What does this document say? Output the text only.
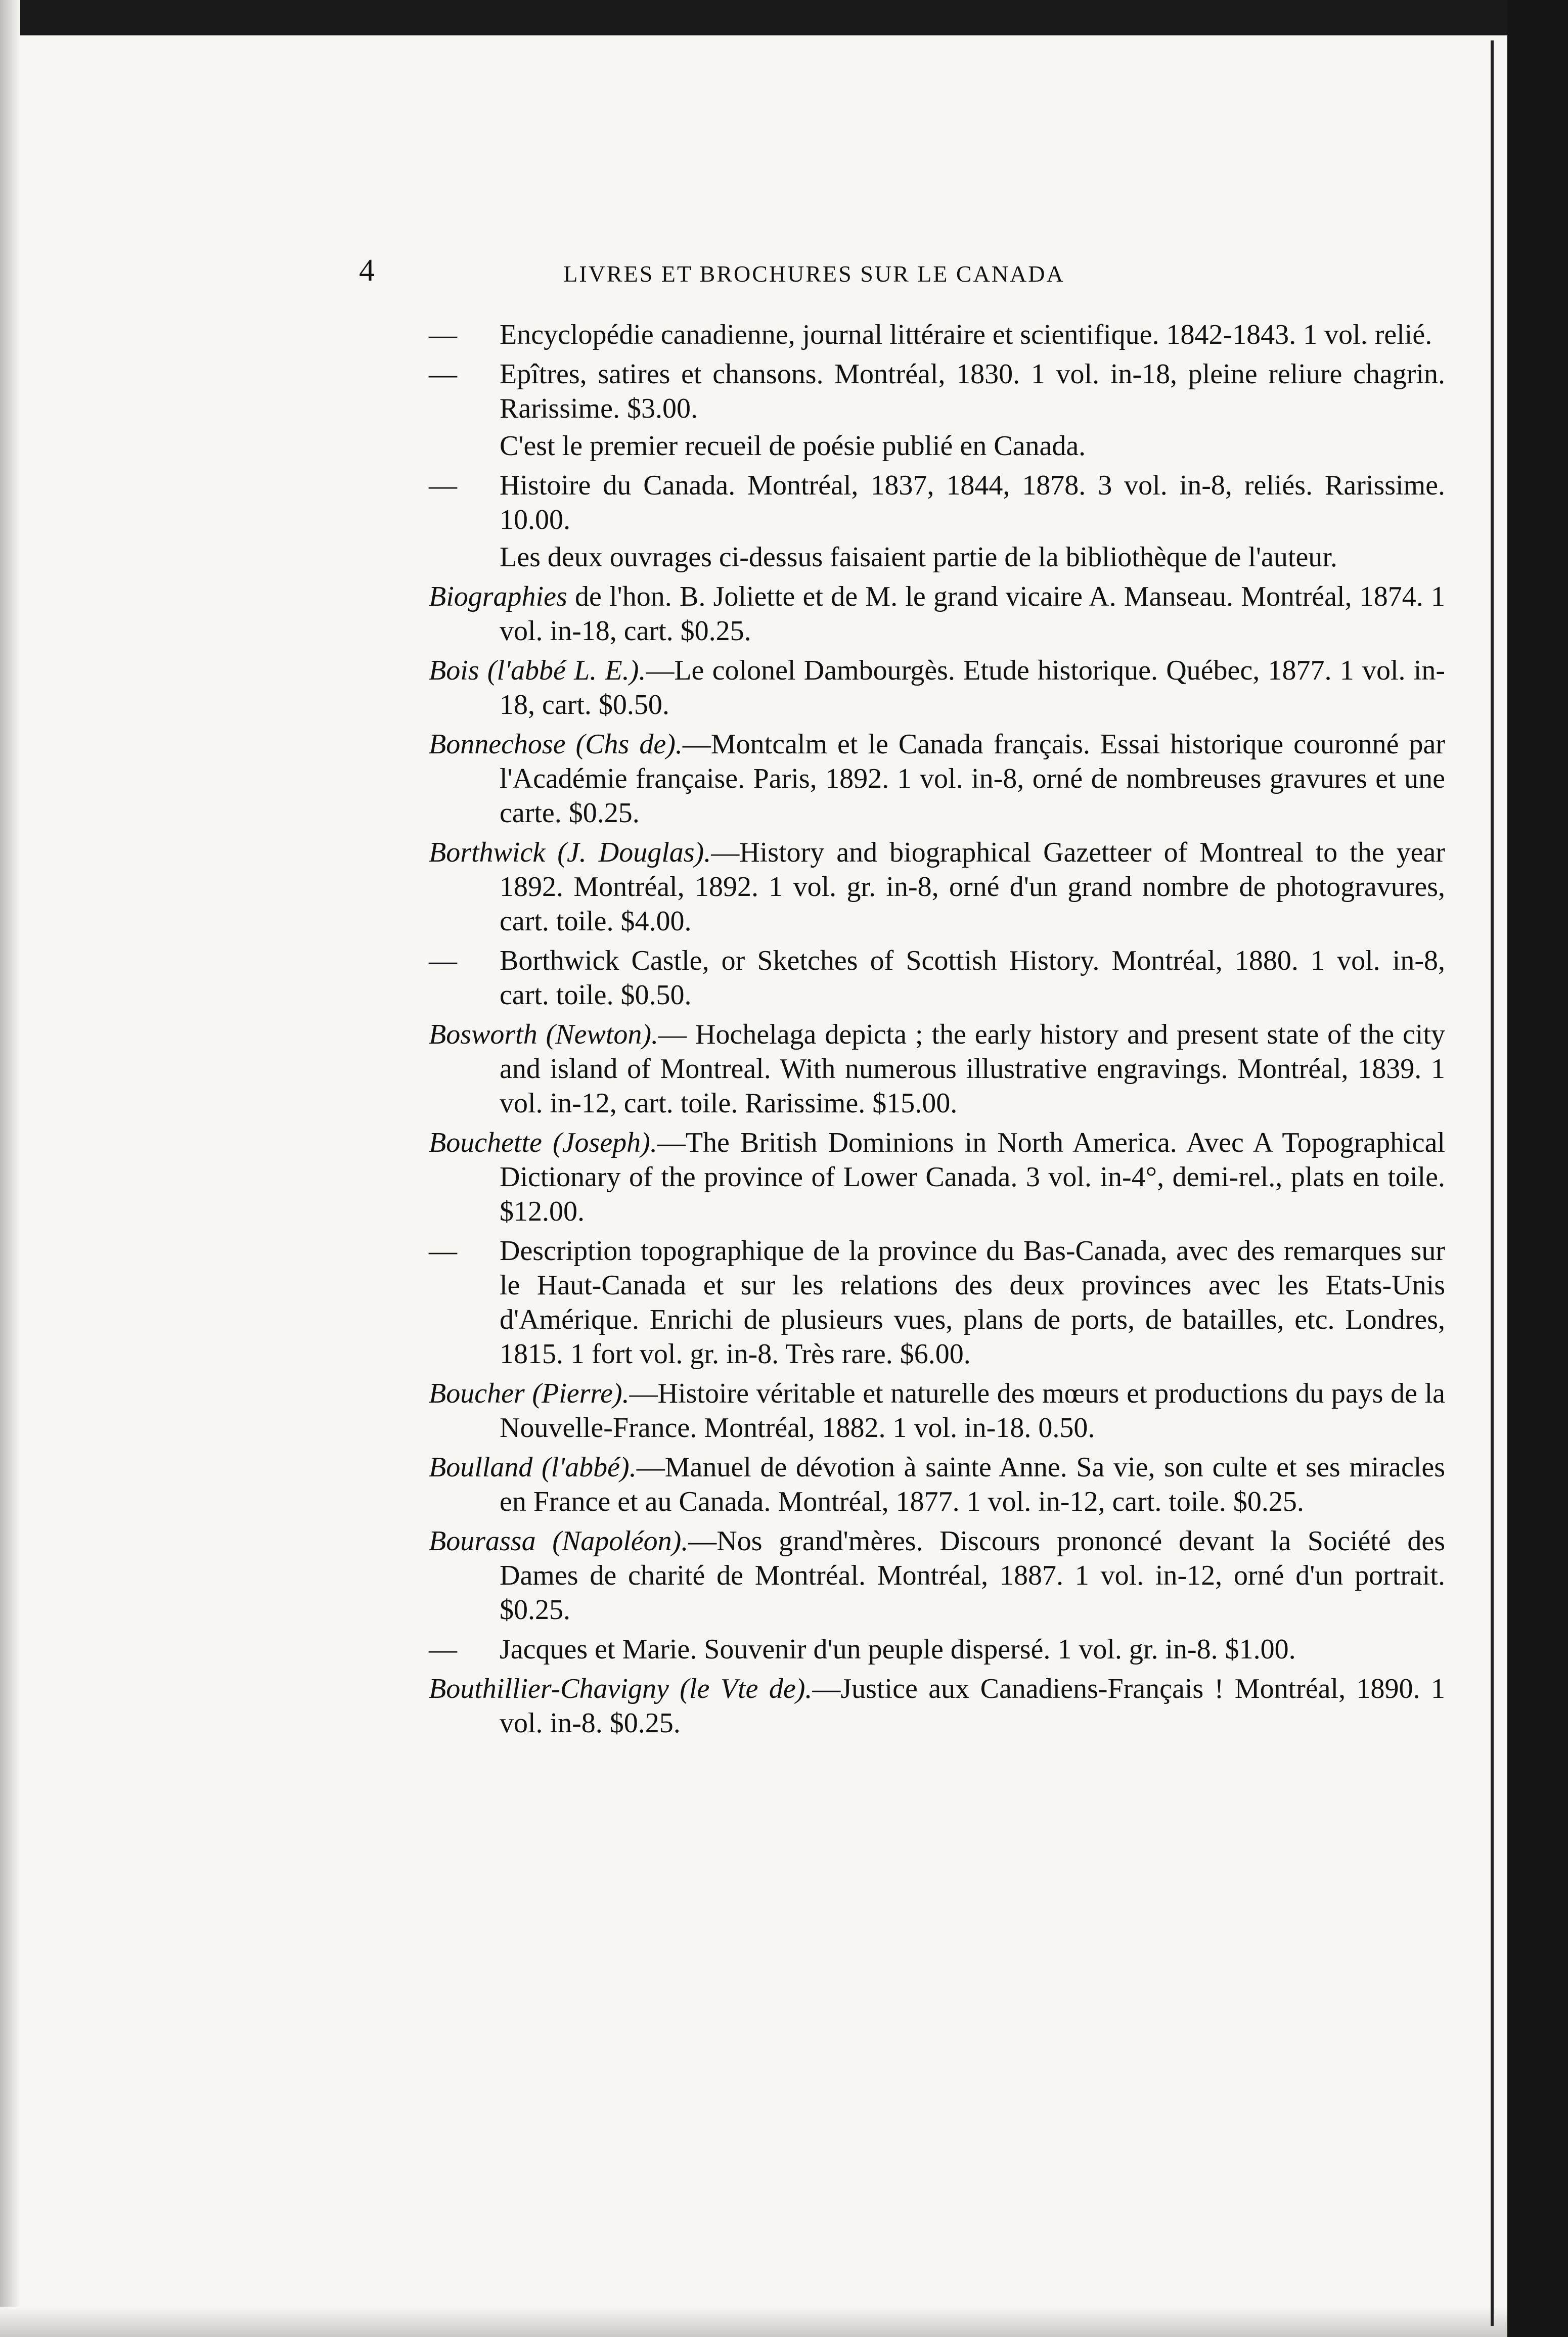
4	LIVRES ET BROCHURES SUR LE CANADA
— Encyclopédie canadienne, journal littéraire et scientifique. 1842-1843. 1 vol. relié.
— Epîtres, satires et chansons. Montréal, 1830. 1 vol. in-18, pleine reliure chagrin. Rarissime. $3.00.
C'est le premier recueil de poésie publié en Canada.
— Histoire du Canada. Montréal, 1837, 1844, 1878. 3 vol. in-8, reliés. Rarissime. 10.00.
Les deux ouvrages ci-dessus faisaient partie de la bibliothèque de l'auteur.
Biographies de l'hon. B. Joliette et de M. le grand vicaire A. Manseau. Montréal, 1874. 1 vol. in-18, cart. $0.25.
Bois (l'abbé L. E.).—Le colonel Dambourgès. Etude historique. Québec, 1877. 1 vol. in-18, cart. $0.50.
Bonnechose (Chs de).—Montcalm et le Canada français. Essai historique couronné par l'Académie française. Paris, 1892. 1 vol. in-8, orné de nombreuses gravures et une carte. $0.25.
Borthwick (J. Douglas).—History and biographical Gazetteer of Montreal to the year 1892. Montréal, 1892. 1 vol. gr. in-8, orné d'un grand nombre de photogravures, cart. toile. $4.00.
— Borthwick Castle, or Sketches of Scottish History. Montréal, 1880. 1 vol. in-8, cart. toile. $0.50.
Bosworth (Newton).— Hochelaga depicta ; the early history and present state of the city and island of Montreal. With numerous illustrative engravings. Montréal, 1839. 1 vol. in-12, cart. toile. Rarissime. $15.00.
Bouchette (Joseph).—The British Dominions in North America. Avec A Topographical Dictionary of the province of Lower Canada. 3 vol. in-4°, demi-rel., plats en toile. $12.00.
— Description topographique de la province du Bas-Canada, avec des remarques sur le Haut-Canada et sur les relations des deux provinces avec les Etats-Unis d'Amérique. Enrichi de plusieurs vues, plans de ports, de batailles, etc. Londres, 1815. 1 fort vol. gr. in-8. Très rare. $6.00.
Boucher (Pierre).—Histoire véritable et naturelle des mœurs et productions du pays de la Nouvelle-France. Montréal, 1882. 1 vol. in-18. 0.50.
Boulland (l'abbé).—Manuel de dévotion à sainte Anne. Sa vie, son culte et ses miracles en France et au Canada. Montréal, 1877. 1 vol. in-12, cart. toile. $0.25.
Bourassa (Napoléon).—Nos grand'mères. Discours prononcé devant la Société des Dames de charité de Montréal. Montréal, 1887. 1 vol. in-12, orné d'un portrait. $0.25.
— Jacques et Marie. Souvenir d'un peuple dispersé. 1 vol. gr. in-8. $1.00.
Bouthillier-Chavigny (le Vte de).—Justice aux Canadiens-Français ! Montréal, 1890. 1 vol. in-8. $0.25.
